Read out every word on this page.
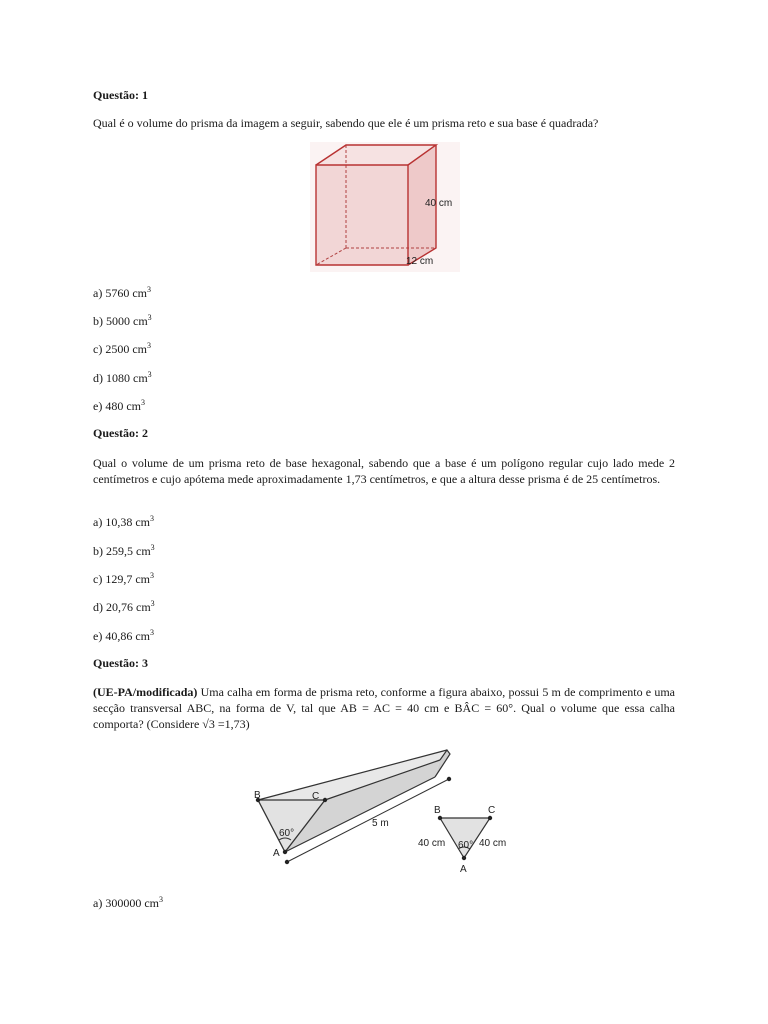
Questão: 1
Qual é o volume do prisma da imagem a seguir, sabendo que ele é um prisma reto e sua base é quadrada?
40 cm
12 cm
a) 5760 $cm^3$
b) 5000 $cm^3$
c) 2500 $cm^3$
d) 1080 $cm^3$
e) 480 $cm^3$
Questão: 2
Qual o volume de um prisma reto de base hexagonal, sabendo que a base é um polígono regular cujo lado mede 2 centímetros e cujo apótema mede aproximadamente 1,73 centímetros, e que a altura desse prisma é de 25 centímetros.
a) 10,38 $cm^3$
b) 259,5 $cm^3$
c) 129,7 $cm^3$
d) 20,76 $cm^3$
e) 40,86 $cm^3$
Questão: 3
(UE-PA/modificada) Uma calha em forma de prisma reto, conforme a figura abaixo, possui 5 m de comprimento e uma secção transversal ABC, na forma de V, tal que AB = AC = 40 cm e BÂC = 60°. Qual o volume que essa calha comporta? (Considere √3 =1,73)
B	C
60°
A
5 m
B	C
60°
A
40 cm	40 cm
a) 300000 $cm^3$
